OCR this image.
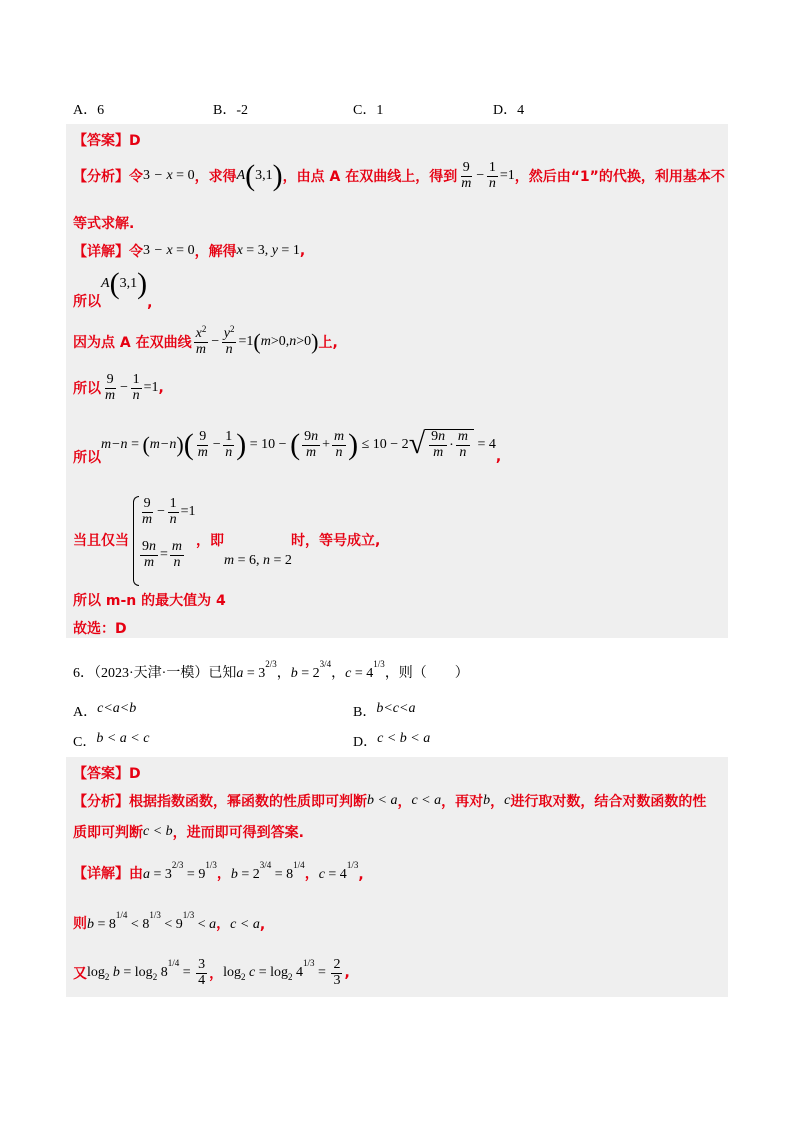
A．6	B．-2	C．1	D．4
【答案】D
【分析】令 3 − x =
0 ，求得 A ( 3,1 ) ，由点 A 在双曲线上，得到 $\frac{9}{m} - \frac{1}{n} =1$ ，然后由“1”的代换，利用基本不
等式求解.
【详解】令 3 − x =
0 ，解得 x = 3, y = 1 ,
所以
A ( 3,1 )
,
因为点 A 在双曲线 $\frac{x^2}{m} - \frac{y^2}{n} =1$ ( m >0, n >0 ) 上,
所以 $\frac{9}{m} - \frac{1}{n} =1$ ,
所以
m−n = ( m−n ) ( $\frac{9}{m} - \frac{1}{n}$ ) = 10 − ( $\frac{9n}{m} + \frac{m}{n}$ ) ≤ 10 − 2 √ $\frac{9n}{m} \cdot \frac{m}{n} = 4$
,
当且仅当
$\frac{9}{m} - \frac{1}{n} =1$
$\frac{9n}{m} = \frac{m}{n}$ ，即
m = 6, n = 2
时，等号成立,
所以 m-n 的最大值为 4
故选：D
6．（2023·天津·一模）已知 a = 3
2/3
， b = 2
3/4
， c = 4
1/3
，则（　　）
A． c<a<b	B． b<c<a
C． b < a < c	D． c < b < a
【答案】D
【分析】根据指数函数，幂函数的性质即可判断 b < a ， c < a ，再对 b ， c 进行取对数，结合对数函数的性
质即可判断 c < b ，进而即可得到答案.
【详解】由 a = 3
2/3
= 9
1/3
， b = 2
3/4
= 8
1/4
， c = 4
1/3
,
则 b = 8
1/4
< 8
1/3
< 9
1/3
< a ， c < a ,
又 log 2 b = log 2 8
1/4
= $\frac{3}{4}$ ， log 2 c = log 2 4
1/3
= $\frac{2}{3}$ ,
